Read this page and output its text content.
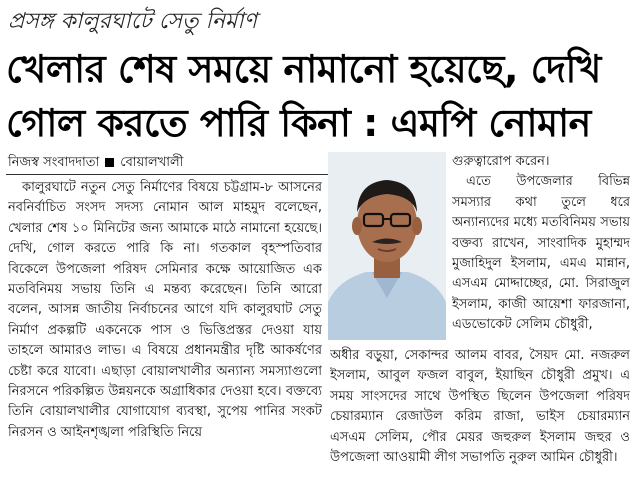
প্রসঙ্গ কালুরঘাটে সেতু নির্মাণ
খেলার শেষ সময়ে নামানো হয়েছে, দেখি
গোল করতে পারি কিনা : এমপি নোমান
নিজস্ব সংবাদদাতা বোয়ালখালী

কালুরঘাটে নতুন সেতু নির্মাণের বিষয়ে চট্টগ্রাম-৮ আসনের নবনির্বাচিত সংসদ সদস্য নোমান আল মাহমুদ বলেছেন, খেলার শেষ ১০ মিনিটের জন্য আমাকে মাঠে নামানো হয়েছে। দেখি, গোল করতে পারি কি না। গতকাল বৃহস্পতিবার বিকেলে উপজেলা পরিষদ সেমিনার কক্ষে আয়োজিত এক মতবিনিময় সভায় তিনি এ মন্তব্য করেছেন। তিনি আরো বলেন, আসন্ন জাতীয় নির্বাচনের আগে যদি কালুরঘাট সেতু নির্মাণ প্রকল্পটি একনেকে পাস ও ভিত্তিপ্রস্তর দেওয়া যায় তাহলে আমারও লাভ। এ বিষয়ে প্রধানমন্ত্রীর দৃষ্টি আকর্ষণের চেষ্টা করে যাবো। এছাড়া বোয়ালখালীর অন্যান্য সমস্যাগুলো নিরসনে পরিকল্পিত উন্নয়নকে অগ্রাধিকার দেওয়া হবে। বক্তব্যে তিনি বোয়ালখালীর যোগাযোগ ব্যবস্থা, সুপেয় পানির সংকট নিরসন ও আইনশৃঙ্খলা পরিস্থিতি নিয়ে

গুরুত্বারোপ করেন।

এতে উপজেলার বিভিন্ন সমস্যার কথা তুলে ধরে অন্যান্যদের মধ্যে মতবিনিময় সভায় বক্তব্য রাখেন, সাংবাদিক মুহাম্মদ মুজাহিদুল ইসলাম, এমএ মান্নান, এসএম মোদ্দাচ্ছের, মো. সিরাজুল ইসলাম, কাজী আয়েশা ফারজানা, এডভোকেট সেলিম চৌধুরী,

অধীর বড়ুয়া, সেকান্দর আলম বাবর, সৈয়দ মো. নজরুল ইসলাম, আবুল ফজল বাবুল, ইয়াছিন চৌধুরী প্রমুখ। এ সময় সাংসদের সাথে উপস্থিত ছিলেন উপজেলা পরিষদ চেয়ারম্যান রেজাউল করিম রাজা, ভাইস চেয়ারম্যান এসএম সেলিম, পৌর মেয়র জহুরুল ইসলাম জহুর ও উপজেলা আওয়ামী লীগ সভাপতি নুরুল আমিন চৌধুরী।
